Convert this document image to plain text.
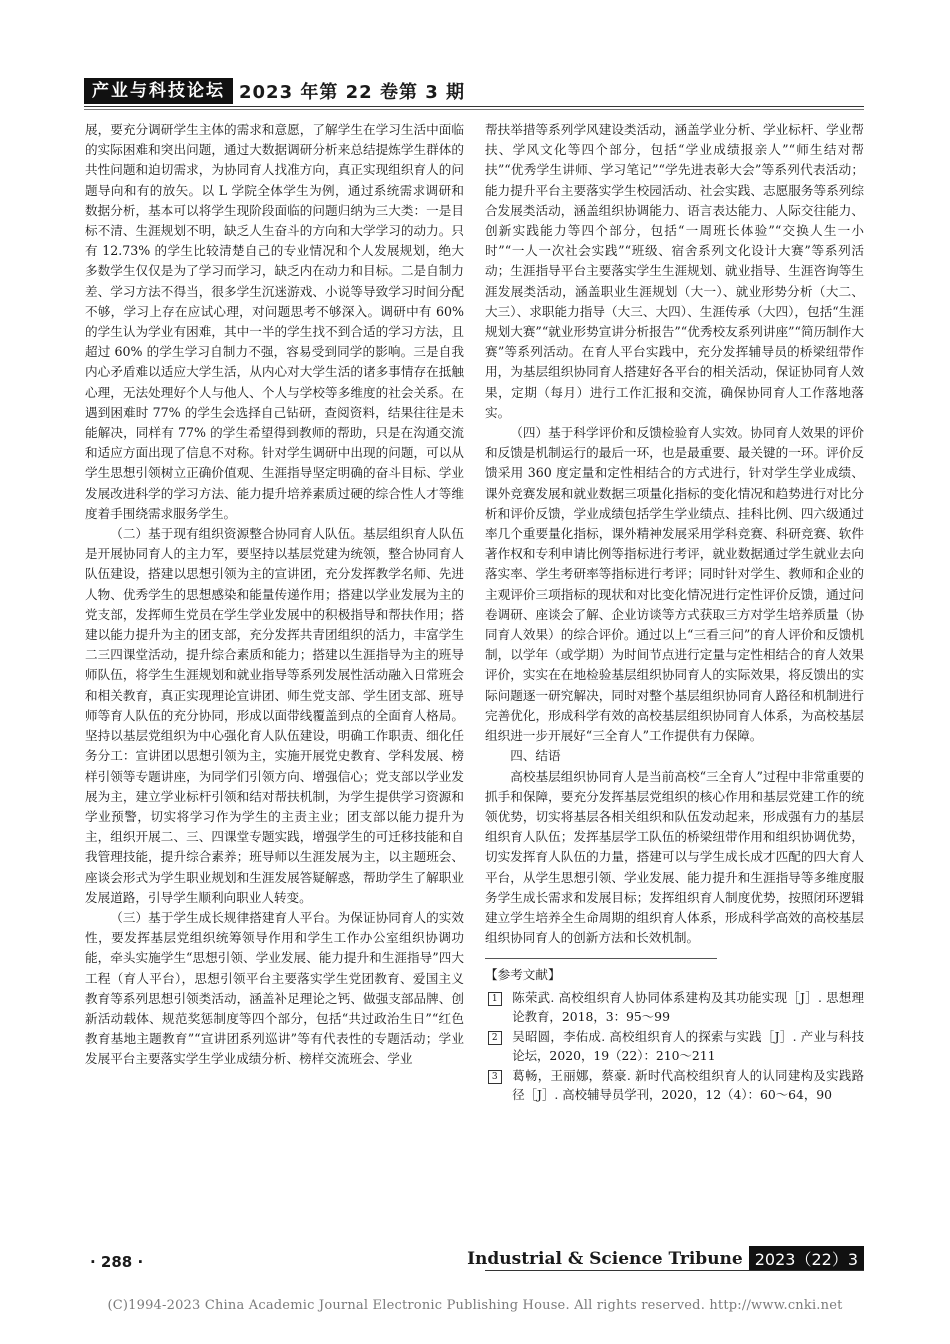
产业与科技论坛 2023 年第 22 卷第 3 期

展，要充分调研学生主体的需求和意愿，了解学生在学习生活中面临的实际困难和突出问题，通过大数据调研分析来总结提炼学生群体的共性问题和迫切需求，为协同育人找准方向，真正实现组织育人的问题导向和有的放矢。以 L 学院全体学生为例，通过系统需求调研和数据分析，基本可以将学生现阶段面临的问题归纳为三大类：一是目标不清、生涯规划不明，缺乏人生奋斗的方向和大学学习的动力。只有 12.73% 的学生比较清楚自己的专业情况和个人发展规划，绝大多数学生仅仅是为了学习而学习，缺乏内在动力和目标。二是自制力差、学习方法不得当，很多学生沉迷游戏、小说等导致学习时间分配不够，学习上存在应试心理，对问题思考不够深入。调研中有 60% 的学生认为学业有困难，其中一半的学生找不到合适的学习方法，且超过 60% 的学生学习自制力不强，容易受到同学的影响。三是自我内心矛盾难以适应大学生活，从内心对大学生活的诸多事情存在抵触心理，无法处理好个人与他人、个人与学校等多维度的社会关系。在遇到困难时 77% 的学生会选择自己钻研，查阅资料，结果往往是未能解决，同样有 77% 的学生希望得到教师的帮助，只是在沟通交流和适应方面出现了信息不对称。针对学生调研中出现的问题，可以从学生思想引领树立正确价值观、生涯指导坚定明确的奋斗目标、学业发展改进科学的学习方法、能力提升培养素质过硬的综合性人才等维度着手围绕需求服务学生。

（二）基于现有组织资源整合协同育人队伍。基层组织育人队伍是开展协同育人的主力军，要坚持以基层党建为统领，整合协同育人队伍建设，搭建以思想引领为主的宣讲团，充分发挥教学名师、先进人物、优秀学生的思想感染和能量传递作用；搭建以学业发展为主的党支部，发挥师生党员在学生学业发展中的积极指导和帮扶作用；搭建以能力提升为主的团支部，充分发挥共青团组织的活力，丰富学生二三四课堂活动，提升综合素质和能力；搭建以生涯指导为主的班导师队伍，将学生生涯规划和就业指导等系列发展性活动融入日常班会和相关教育，真正实现理论宣讲团、师生党支部、学生团支部、班导师等育人队伍的充分协同，形成以面带线覆盖到点的全面育人格局。坚持以基层党组织为中心强化育人队伍建设，明确工作职责、细化任务分工：宣讲团以思想引领为主，实施开展党史教育、学科发展、榜样引领等专题讲座，为同学们引领方向、增强信心；党支部以学业发展为主，建立学业标杆引领和结对帮扶机制，为学生提供学习资源和学业预警，切实将学习作为学生的主责主业；团支部以能力提升为主，组织开展二、三、四课堂专题实践，增强学生的可迁移技能和自我管理技能，提升综合素养；班导师以生涯发展为主，以主题班会、座谈会形式为学生职业规划和生涯发展答疑解惑，帮助学生了解职业发展道路，引导学生顺利向职业人转变。

（三）基于学生成长规律搭建育人平台。为保证协同育人的实效性，要发挥基层党组织统筹领导作用和学生工作办公室组织协调功能，牵头实施学生“思想引领、学业发展、能力提升和生涯指导”四大工程（育人平台），思想引领平台主要落实学生党团教育、爱国主义教育等系列思想引领类活动，涵盖补足理论之钙、做强支部品牌、创新活动载体、规范奖惩制度等四个部分，包括“共过政治生日”“红色教育基地主题教育”“宣讲团系列巡讲”等有代表性的专题活动；学业发展平台主要落实学生学业成绩分析、榜样交流班会、学业

帮扶举措等系列学风建设类活动，涵盖学业分析、学业标杆、学业帮扶、学风文化等四个部分，包括“学业成绩报亲人”“师生结对帮扶”“优秀学生讲师、学习笔记”“学先进表彰大会”等系列代表活动；能力提升平台主要落实学生校园活动、社会实践、志愿服务等系列综合发展类活动，涵盖组织协调能力、语言表达能力、人际交往能力、创新实践能力等四个部分，包括“一周班长体验”“交换人生一小时”“一人一次社会实践”“班级、宿舍系列文化设计大赛”等系列活动；生涯指导平台主要落实学生生涯规划、就业指导、生涯咨询等生涯发展类活动，涵盖职业生涯规划（大一）、就业形势分析（大二、大三）、求职能力指导（大三、大四）、生涯传承（大四），包括“生涯规划大赛”“就业形势宣讲分析报告”“优秀校友系列讲座”“简历制作大赛”等系列活动。在育人平台实践中，充分发挥辅导员的桥梁纽带作用，为基层组织协同育人搭建好各平台的相关活动，保证协同育人效果，定期（每月）进行工作汇报和交流，确保协同育人工作落地落实。

（四）基于科学评价和反馈检验育人实效。协同育人效果的评价和反馈是机制运行的最后一环，也是最重要、最关键的一环。评价反馈采用 360 度定量和定性相结合的方式进行，针对学生学业成绩、课外竞赛发展和就业数据三项量化指标的变化情况和趋势进行对比分析和评价反馈，学业成绩包括学生学业绩点、挂科比例、四六级通过率几个重要量化指标，课外精神发展采用学科竞赛、科研竞赛、软件著作权和专利申请比例等指标进行考评，就业数据通过学生就业去向落实率、学生考研率等指标进行考评；同时针对学生、教师和企业的主观评价三项指标的现状和对比变化情况进行定性评价反馈，通过问卷调研、座谈会了解、企业访谈等方式获取三方对学生培养质量（协同育人效果）的综合评价。通过以上“三看三问”的育人评价和反馈机制，以学年（或学期）为时间节点进行定量与定性相结合的育人效果评价，实实在在地检验基层组织协同育人的实际效果，将反馈出的实际问题逐一研究解决，同时对整个基层组织协同育人路径和机制进行完善优化，形成科学有效的高校基层组织协同育人体系，为高校基层组织进一步开展好“三全育人”工作提供有力保障。

四、结语

高校基层组织协同育人是当前高校“三全育人”过程中非常重要的抓手和保障，要充分发挥基层党组织的核心作用和基层党建工作的统领优势，切实将基层各相关组织和队伍发动起来，形成强有力的基层组织育人队伍；发挥基层学工队伍的桥梁纽带作用和组织协调优势，切实发挥育人队伍的力量，搭建可以与学生成长成才匹配的四大育人平台，从学生思想引领、学业发展、能力提升和生涯指导等多维度服务学生成长需求和发展目标；发挥组织育人制度优势，按照闭环逻辑建立学生培养全生命周期的组织育人体系，形成科学高效的高校基层组织协同育人的创新方法和长效机制。

【参考文献】
1	陈荣武. 高校组织育人协同体系建构及其功能实现［J］. 思想理论教育，2018，3：95～99
2	吴昭圆，李佑成. 高校组织育人的探索与实践［J］. 产业与科技论坛，2020，19（22）：210～211
3	葛畅，王丽娜，蔡豪. 新时代高校组织育人的认同建构及实践路径［J］. 高校辅导员学刊，2020，12（4）：60～64，90
· 288 ·	Industrial & Science Tribune 2023（22）3
(C)1994-2023 China Academic Journal Electronic Publishing House. All rights reserved. http://www.cnki.net
